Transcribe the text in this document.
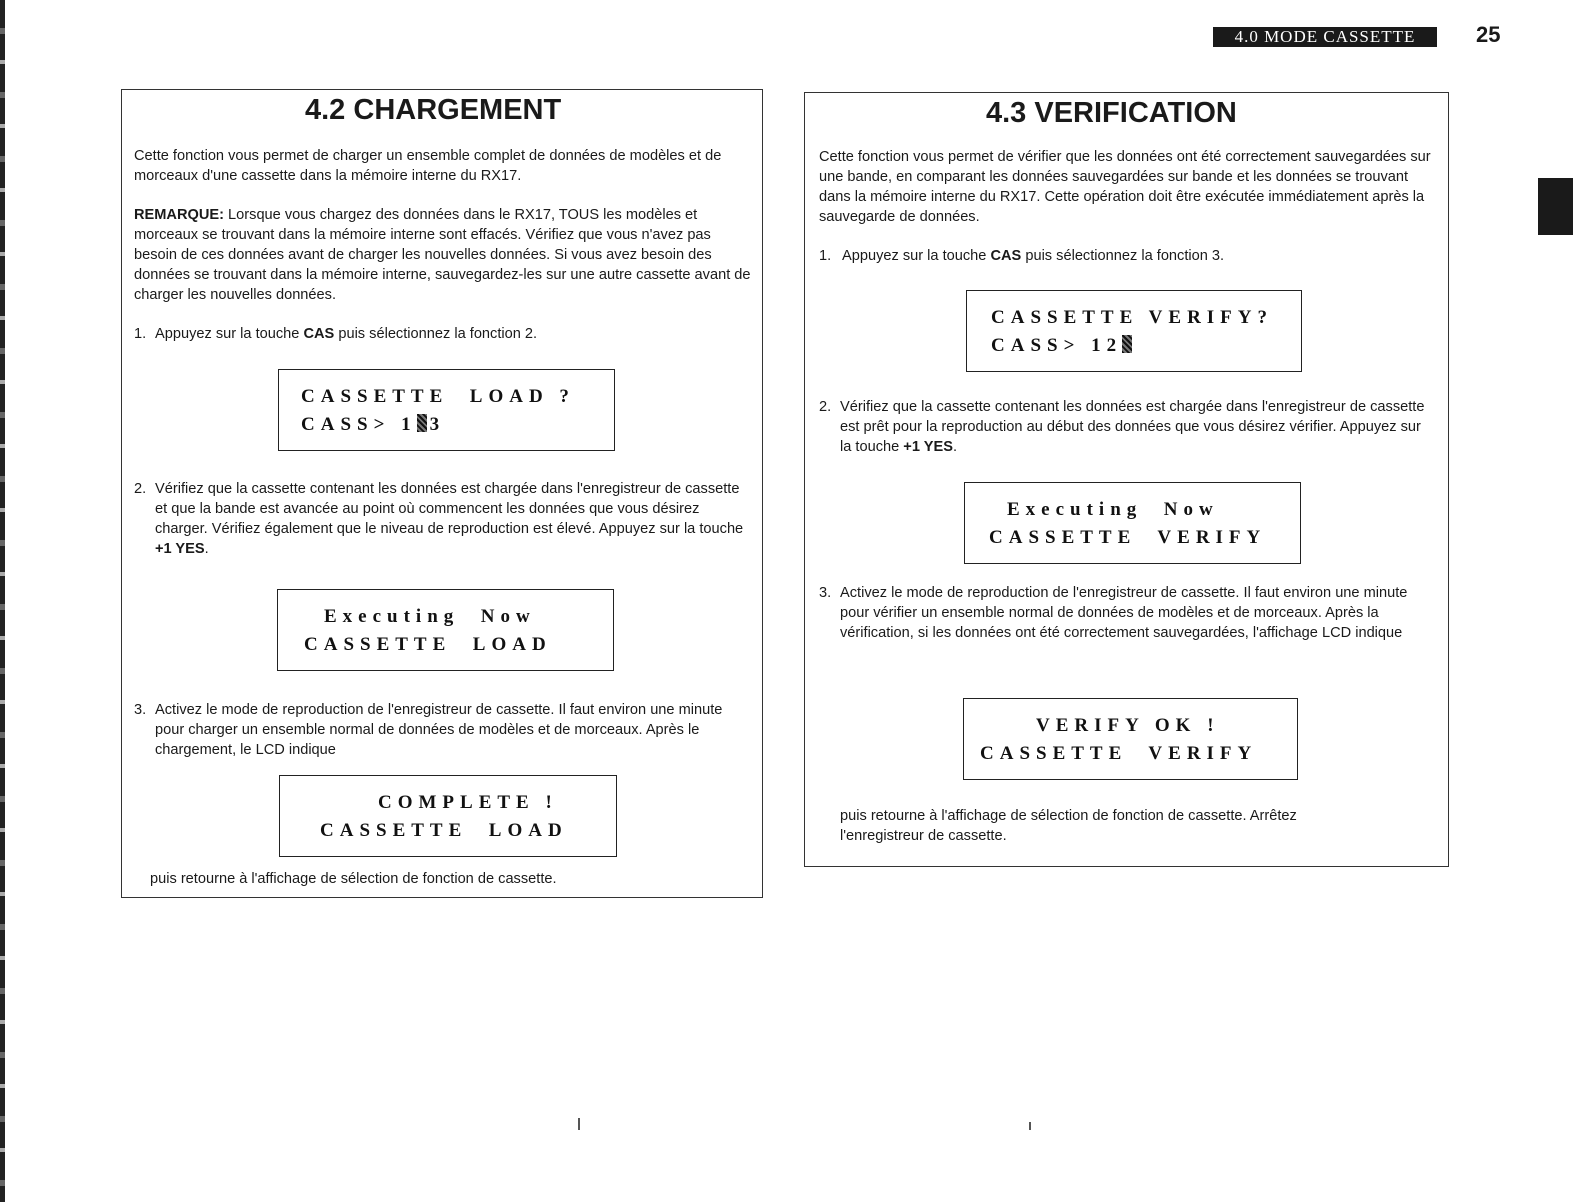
4.0 MODE CASSETTE	25
4.2 CHARGEMENT

Cette fonction vous permet de charger un ensemble complet de données de modèles et de morceaux d'une cassette dans la mémoire interne du RX17.

REMARQUE: Lorsque vous chargez des données dans le RX17, TOUS les modèles et morceaux se trouvant dans la mémoire interne sont effacés. Vérifiez que vous n'avez pas besoin de ces données avant de charger les nouvelles données. Si vous avez besoin des données se trouvant dans la mémoire interne, sauvegardez-les sur une autre cassette avant de charger les nouvelles données.

1. Appuyez sur la touche CAS puis sélectionnez la fonction 2.
CASSETTE  LOAD ?
CASS> 1 3
2. Vérifiez que la cassette contenant les données est chargée dans l'enregistreur de cassette et que la bande est avancée au point où commencent les données que vous désirez charger. Vérifiez également que le niveau de reproduction est élevé. Appuyez sur la touche +1 YES.
Executing  Now
CASSETTE  LOAD
3. Activez le mode de reproduction de l'enregistreur de cassette. Il faut environ une minute pour charger un ensemble normal de données de modèles et de morceaux. Après le chargement, le LCD indique
COMPLETE !
CASSETTE  LOAD

puis retourne à l'affichage de sélection de fonction de cassette.

4.3 VERIFICATION

Cette fonction vous permet de vérifier que les données ont été correctement sauvegardées sur une bande, en comparant les données sauvegardées sur bande et les données se trouvant dans la mémoire interne du RX17. Cette opération doit être exécutée immédiatement après la sauvegarde de données.

1. Appuyez sur la touche CAS puis sélectionnez la fonction 3.
CASSETTE VERIFY?
CASS> 12
2. Vérifiez que la cassette contenant les données est chargée dans l'enregistreur de cassette est prêt pour la reproduction au début des données que vous désirez vérifier. Appuyez sur la touche +1 YES.
Executing  Now
CASSETTE  VERIFY
3. Activez le mode de reproduction de l'enregistreur de cassette. Il faut environ une minute pour vérifier un ensemble normal de données de modèles et de morceaux. Après la vérification, si les données ont été correctement sauvegardées, l'affichage LCD indique
VERIFY OK !
CASSETTE  VERIFY

puis retourne à l'affichage de sélection de fonction de cassette. Arrêtez l'enregistreur de cassette.
